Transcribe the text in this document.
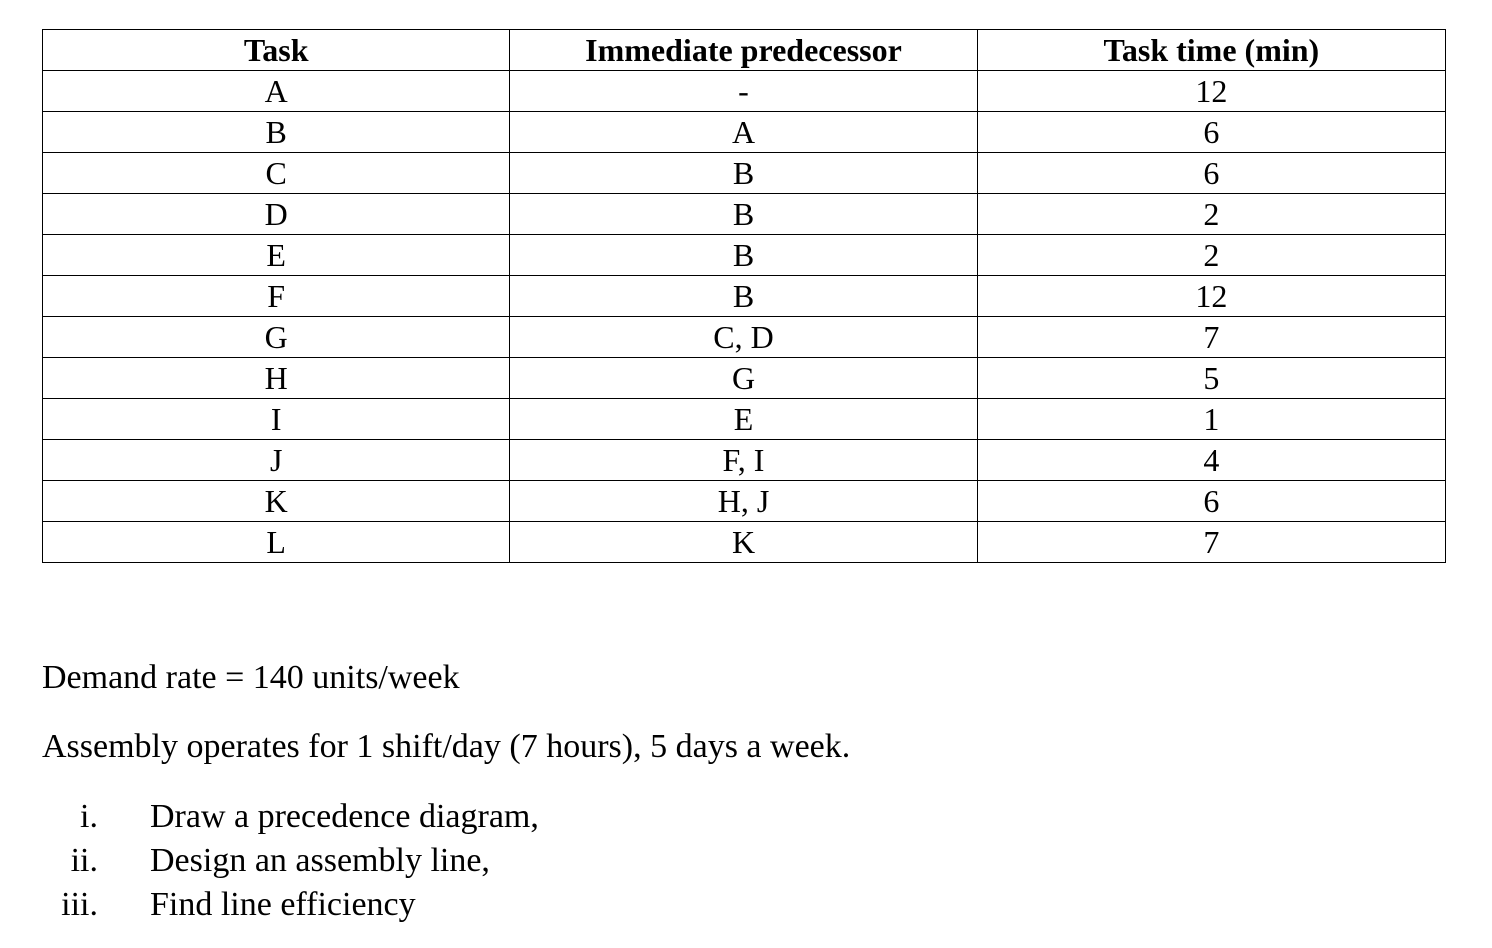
Task	Immediate predecessor	Task time (min)
A	-	12
B	A	6
C	B	6
D	B	2
E	B	2
F	B	12
G	C, D	7
H	G	5
I	E	1
J	F, I	4
K	H, J	6
L	K	7
Demand rate = 140 units/week
Assembly operates for 1 shift/day (7 hours), 5 days a week.
i. Draw a precedence diagram,
ii. Design an assembly line,
iii. Find line efficiency
